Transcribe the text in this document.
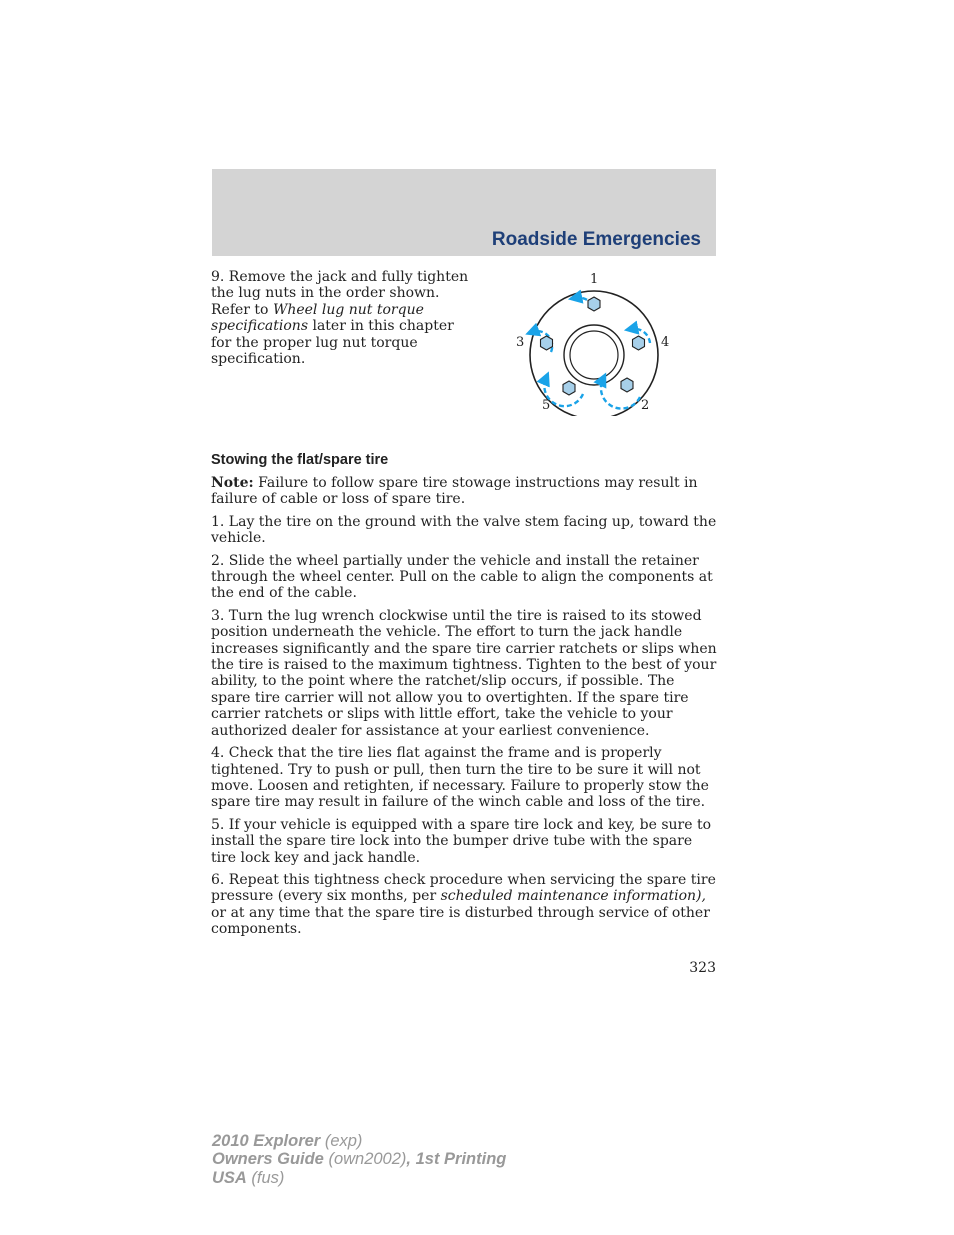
Roadside Emergencies
9. Remove the jack and fully tighten the lug nuts in the order shown. Refer to Wheel lug nut torque specifications later in this chapter for the proper lug nut torque specification.
1
3	4
5	2
Stowing the flat/spare tire

Note: Failure to follow spare tire stowage instructions may result in failure of cable or loss of spare tire.

1. Lay the tire on the ground with the valve stem facing up, toward the vehicle.

2. Slide the wheel partially under the vehicle and install the retainer through the wheel center. Pull on the cable to align the components at the end of the cable.

3. Turn the lug wrench clockwise until the tire is raised to its stowed position underneath the vehicle. The effort to turn the jack handle increases significantly and the spare tire carrier ratchets or slips when the tire is raised to the maximum tightness. Tighten to the best of your ability, to the point where the ratchet/slip occurs, if possible. The spare tire carrier will not allow you to overtighten. If the spare tire carrier ratchets or slips with little effort, take the vehicle to your authorized dealer for assistance at your earliest convenience.

4. Check that the tire lies flat against the frame and is properly tightened. Try to push or pull, then turn the tire to be sure it will not move. Loosen and retighten, if necessary. Failure to properly stow the spare tire may result in failure of the winch cable and loss of the tire.

5. If your vehicle is equipped with a spare tire lock and key, be sure to install the spare tire lock into the bumper drive tube with the spare tire lock key and jack handle.

6. Repeat this tightness check procedure when servicing the spare tire pressure (every six months, per scheduled maintenance information), or at any time that the spare tire is disturbed through service of other components.

323
2010 Explorer (exp)
Owners Guide (own2002), 1st Printing
USA (fus)
